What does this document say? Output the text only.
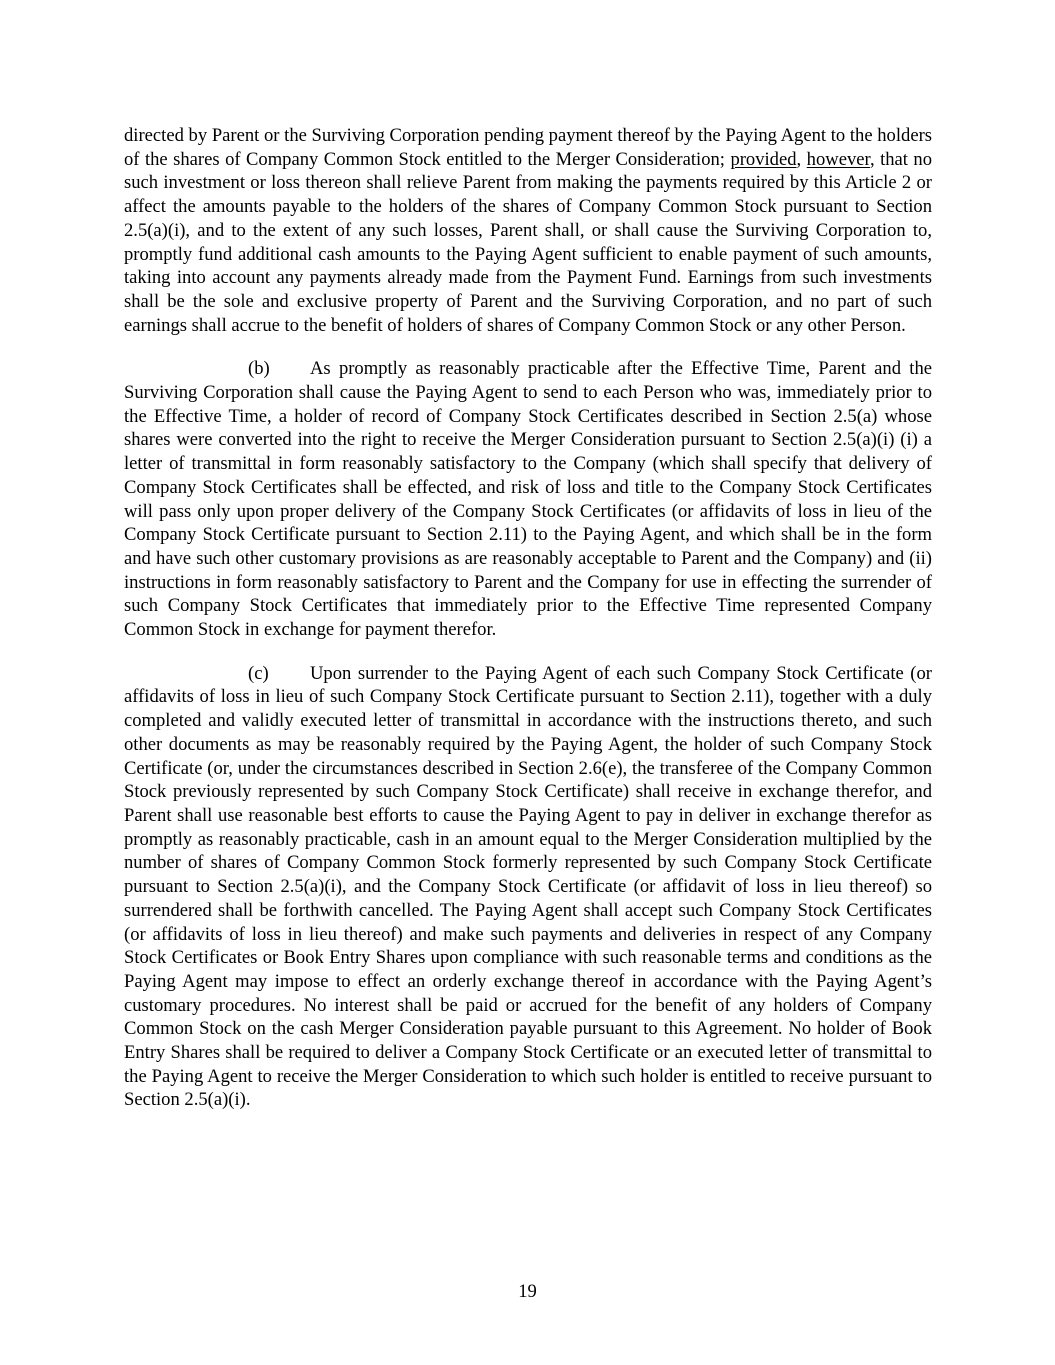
directed by Parent or the Surviving Corporation pending payment thereof by the Paying Agent to the holders of the shares of Company Common Stock entitled to the Merger Consideration; provided, however, that no such investment or loss thereon shall relieve Parent from making the payments required by this Article 2 or affect the amounts payable to the holders of the shares of Company Common Stock pursuant to Section 2.5(a)(i), and to the extent of any such losses, Parent shall, or shall cause the Surviving Corporation to, promptly fund additional cash amounts to the Paying Agent sufficient to enable payment of such amounts, taking into account any payments already made from the Payment Fund. Earnings from such investments shall be the sole and exclusive property of Parent and the Surviving Corporation, and no part of such earnings shall accrue to the benefit of holders of shares of Company Common Stock or any other Person.

(b) As promptly as reasonably practicable after the Effective Time, Parent and the Surviving Corporation shall cause the Paying Agent to send to each Person who was, immediately prior to the Effective Time, a holder of record of Company Stock Certificates described in Section 2.5(a) whose shares were converted into the right to receive the Merger Consideration pursuant to Section 2.5(a)(i) (i) a letter of transmittal in form reasonably satisfactory to the Company (which shall specify that delivery of Company Stock Certificates shall be effected, and risk of loss and title to the Company Stock Certificates will pass only upon proper delivery of the Company Stock Certificates (or affidavits of loss in lieu of the Company Stock Certificate pursuant to Section 2.11) to the Paying Agent, and which shall be in the form and have such other customary provisions as are reasonably acceptable to Parent and the Company) and (ii) instructions in form reasonably satisfactory to Parent and the Company for use in effecting the surrender of such Company Stock Certificates that immediately prior to the Effective Time represented Company Common Stock in exchange for payment therefor.

(c) Upon surrender to the Paying Agent of each such Company Stock Certificate (or affidavits of loss in lieu of such Company Stock Certificate pursuant to Section 2.11), together with a duly completed and validly executed letter of transmittal in accordance with the instructions thereto, and such other documents as may be reasonably required by the Paying Agent, the holder of such Company Stock Certificate (or, under the circumstances described in Section 2.6(e), the transferee of the Company Common Stock previously represented by such Company Stock Certificate) shall receive in exchange therefor, and Parent shall use reasonable best efforts to cause the Paying Agent to pay in deliver in exchange therefor as promptly as reasonably practicable, cash in an amount equal to the Merger Consideration multiplied by the number of shares of Company Common Stock formerly represented by such Company Stock Certificate pursuant to Section 2.5(a)(i), and the Company Stock Certificate (or affidavit of loss in lieu thereof) so surrendered shall be forthwith cancelled. The Paying Agent shall accept such Company Stock Certificates (or affidavits of loss in lieu thereof) and make such payments and deliveries in respect of any Company Stock Certificates or Book Entry Shares upon compliance with such reasonable terms and conditions as the Paying Agent may impose to effect an orderly exchange thereof in accordance with the Paying Agent’s customary procedures. No interest shall be paid or accrued for the benefit of any holders of Company Common Stock on the cash Merger Consideration payable pursuant to this Agreement. No holder of Book Entry Shares shall be required to deliver a Company Stock Certificate or an executed letter of transmittal to the Paying Agent to receive the Merger Consideration to which such holder is entitled to receive pursuant to Section 2.5(a)(i).

19
